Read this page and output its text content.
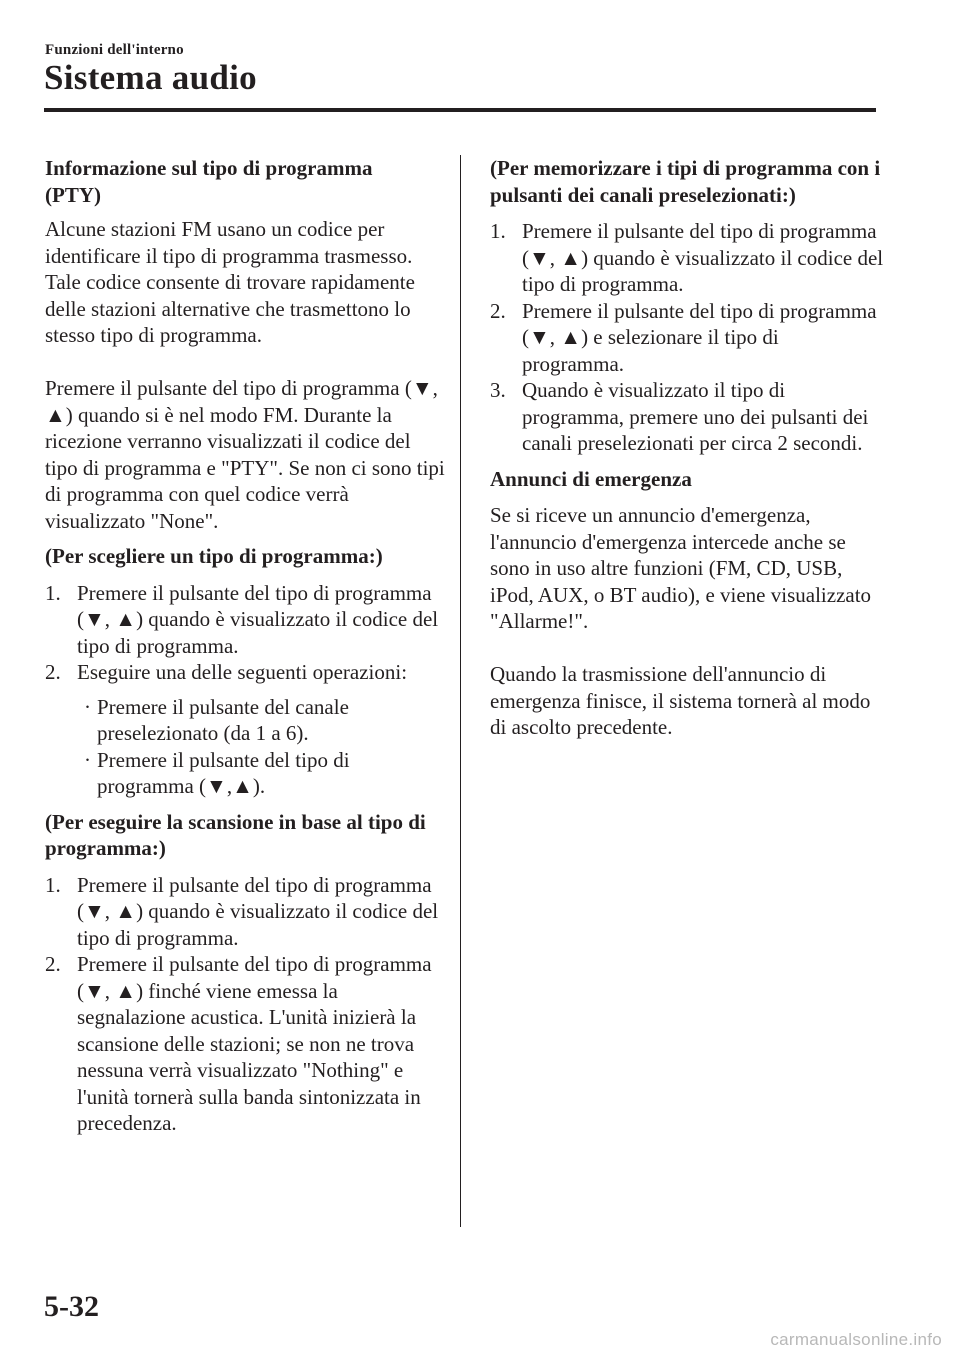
Funzioni dell'interno
Sistema audio
Informazione sul tipo di programma
(PTY)

Alcune stazioni FM usano un codice per identificare il tipo di programma trasmesso. Tale codice consente di trovare rapidamente delle stazioni alternative che trasmettono lo stesso tipo di programma.

Premere il pulsante del tipo di programma (▼, ▲) quando si è nel modo FM. Durante la ricezione verranno visualizzati il codice del tipo di programma e "PTY". Se non ci sono tipi di programma con quel codice verrà visualizzato "None".

(Per scegliere un tipo di programma:)
1. Premere il pulsante del tipo di programma (▼, ▲) quando è visualizzato il codice del tipo di programma.
2. Eseguire una delle seguenti operazioni:
· Premere il pulsante del canale preselezionato (da 1 a 6).
· Premere il pulsante del tipo di programma (▼,▲).
(Per eseguire la scansione in base al tipo di programma:)
1. Premere il pulsante del tipo di programma (▼, ▲) quando è visualizzato il codice del tipo di programma.
2. Premere il pulsante del tipo di programma (▼, ▲) finché viene emessa la segnalazione acustica. L'unità inizierà la scansione delle stazioni; se non ne trova nessuna verrà visualizzato "Nothing" e l'unità tornerà sulla banda sintonizzata in precedenza.
(Per memorizzare i tipi di programma con i pulsanti dei canali preselezionati:)
1. Premere il pulsante del tipo di programma (▼, ▲) quando è visualizzato il codice del tipo di programma.
2. Premere il pulsante del tipo di programma (▼, ▲) e selezionare il tipo di programma.
3. Quando è visualizzato il tipo di programma, premere uno dei pulsanti dei canali preselezionati per circa 2 secondi.
Annunci di emergenza

Se si riceve un annuncio d'emergenza, l'annuncio d'emergenza intercede anche se sono in uso altre funzioni (FM, CD, USB, iPod, AUX, o BT audio), e viene visualizzato "Allarme!".

Quando la trasmissione dell'annuncio di emergenza finisce, il sistema tornerà al modo di ascolto precedente.

5-32
carmanualsonline.info
